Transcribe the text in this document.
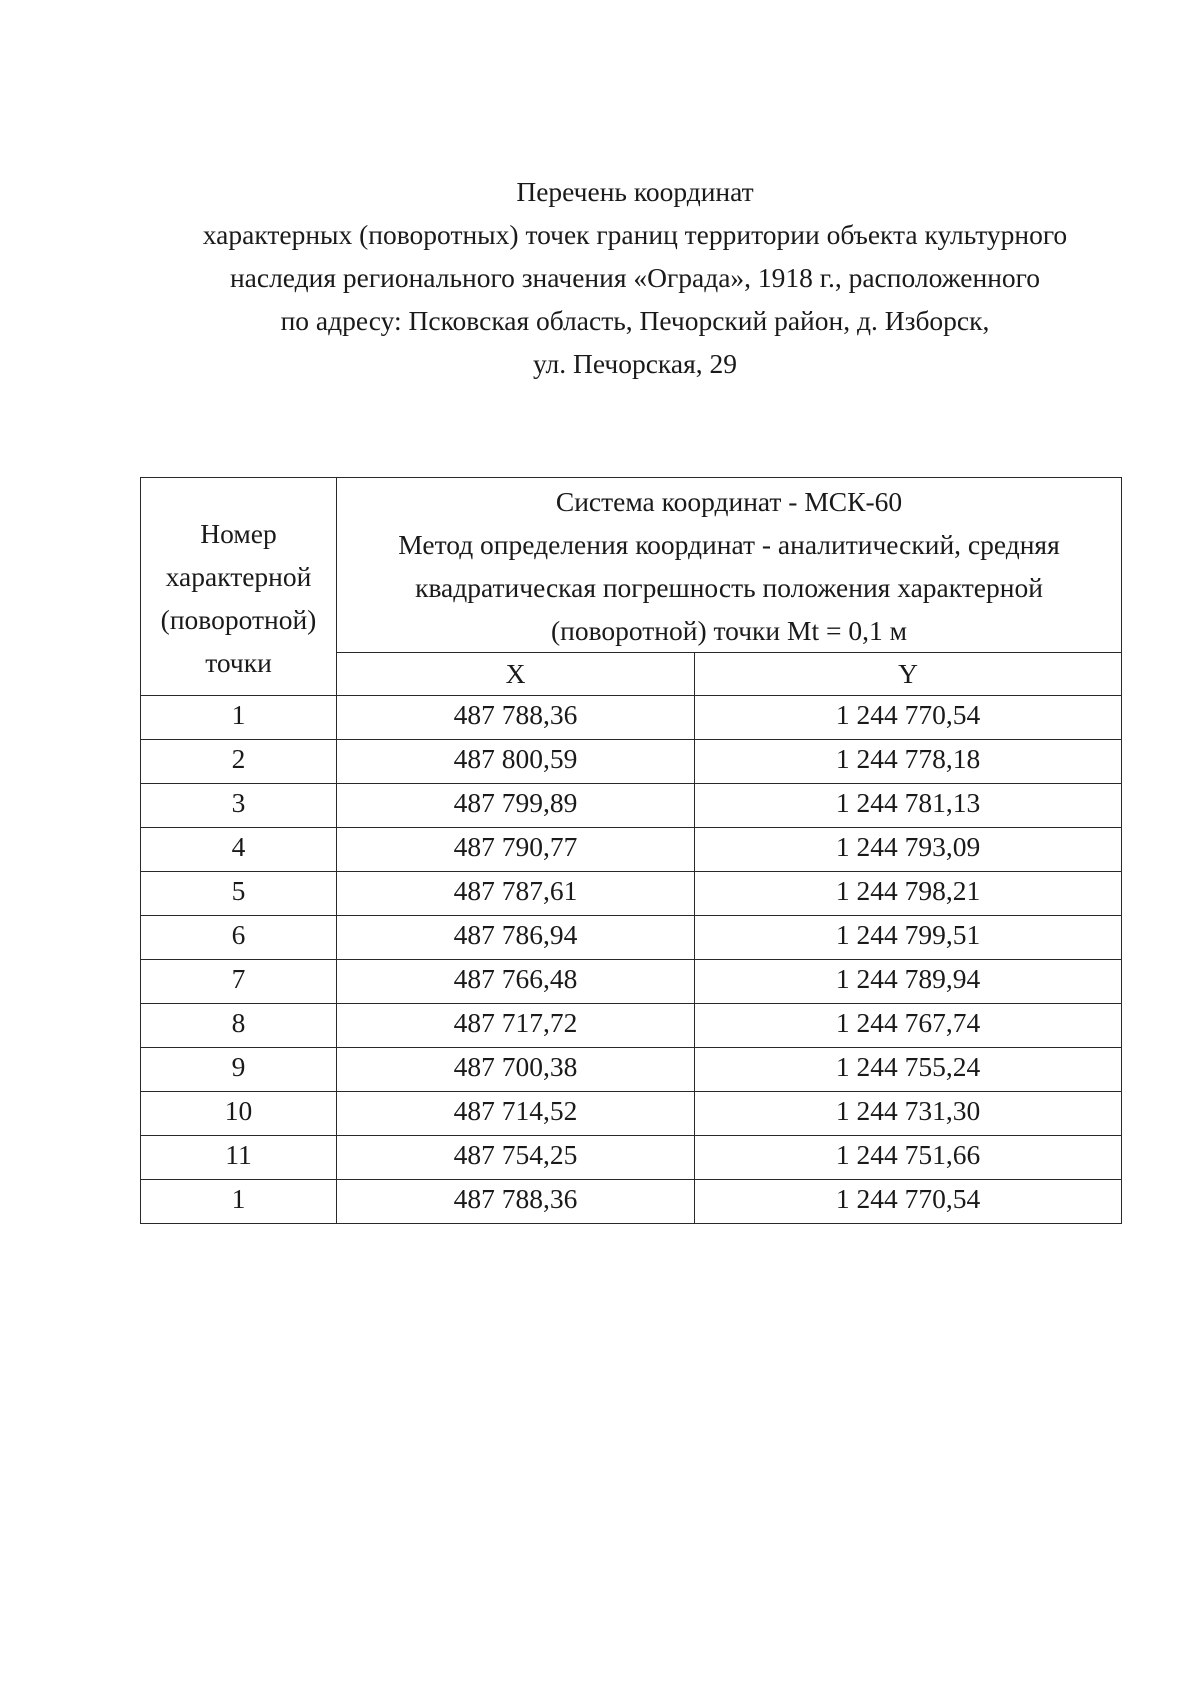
Перечень координат
характерных (поворотных) точек границ территории объекта культурного
наследия регионального значения «Ограда», 1918 г., расположенного
по адресу: Псковская область, Печорский район, д. Изборск,
ул. Печорская, 29
Номер
характерной
(поворотной)
точки	Система координат - МСК-60
Метод определения координат - аналитический, средняя
квадратическая погрешность положения характерной
(поворотной) точки Mt = 0,1 м	

	X	Y
1	487 788,36	1 244 770,54
2	487 800,59	1 244 778,18
3	487 799,89	1 244 781,13
4	487 790,77	1 244 793,09
5	487 787,61	1 244 798,21
6	487 786,94	1 244 799,51
7	487 766,48	1 244 789,94
8	487 717,72	1 244 767,74
9	487 700,38	1 244 755,24
10	487 714,52	1 244 731,30
11	487 754,25	1 244 751,66
1	487 788,36	1 244 770,54
